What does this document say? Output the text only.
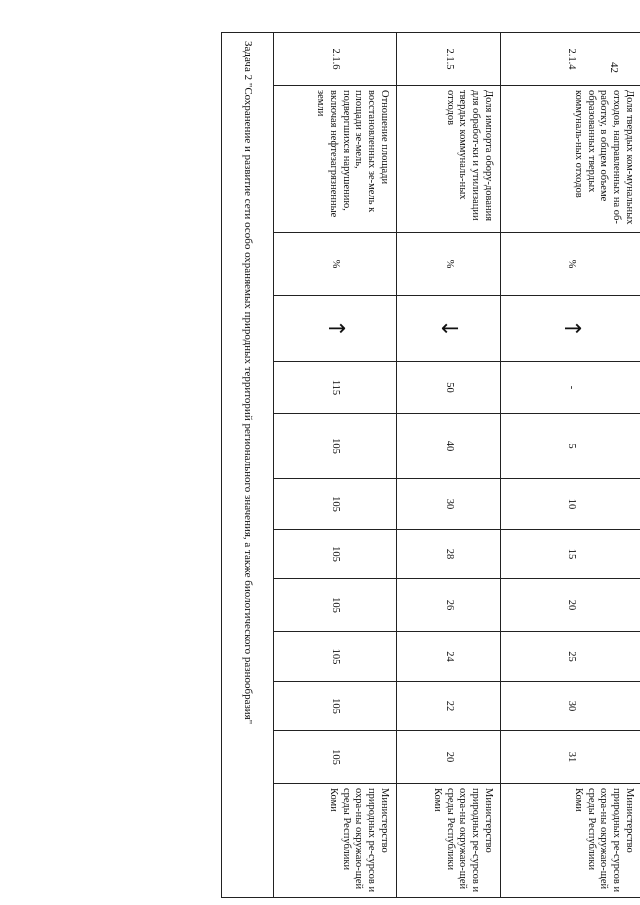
42
2.1.4	Доля твердых ком-мунальных отходов, направленных на об-работку, в общем объеме образованных твердых коммуналь-ных отходов	%	↑	-	5	10	15	20	25	30	31	Министерство природных ре-сурсов и охра-ны окружаю-щей среды Республики Коми
2.1.5	Доля импорта обору-дования для обработ-ки и утилизации твердых коммуналь-ных отходов	%	↓	50	40	30	28	26	24	22	20	Министерство природных ре-сурсов и охра-ны окружаю-щей среды Республики Коми
2.1.6	Отношение площади восстановленных зе-мель к площади зе-мель, подвергшихся нарушению, включая нефтезагрязненные земли	%	↑	115	105	105	105	105	105	105	105	Министерство природных ре-сурсов и охра-ны окружаю-щей среды Республики Коми
Задача 2 "Сохранение и развитие сети особо охраняемых природных территорий регионального значения, а также биологического разнообразия"												
